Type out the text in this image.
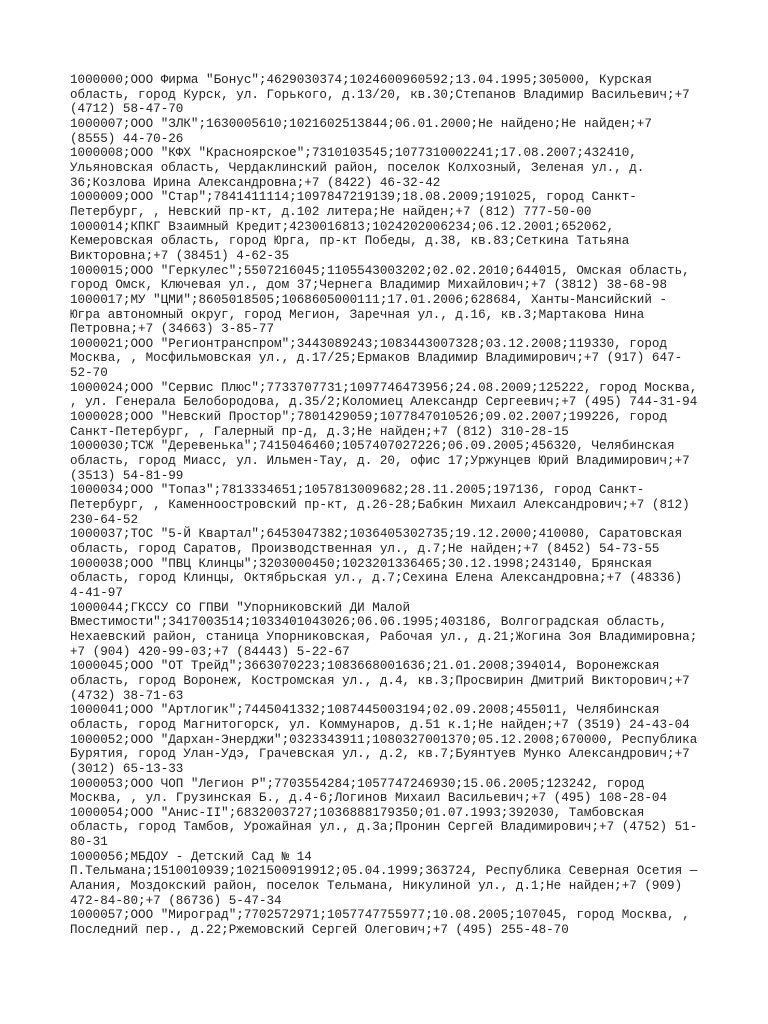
1000000;ООО Фирма "Бонус";4629030374;1024600960592;13.04.1995;305000, Курская
область, город Курск, ул. Горького, д.13/20, кв.30;Степанов Владимир Васильевич;+7
(4712) 58-47-70
1000007;ООО "ЗЛК";1630005610;1021602513844;06.01.2000;Не найдено;Не найден;+7
(8555) 44-70-26
1000008;ООО "КФХ "Красноярское";7310103545;1077310002241;17.08.2007;432410,
Ульяновская область, Чердаклинский район, поселок Колхозный, Зеленая ул., д.
36;Козлова Ирина Александровна;+7 (8422) 46-32-42
1000009;ООО "Стар";7841411114;1097847219139;18.08.2009;191025, город Санкт-
Петербург, , Невский пр-кт, д.102 литера;Не найден;+7 (812) 777-50-00
1000014;КПКГ Взаимный Кредит;4230016813;1024202006234;06.12.2001;652062,
Кемеровская область, город Юрга, пр-кт Победы, д.38, кв.83;Сеткина Татьяна
Викторовна;+7 (38451) 4-62-35
1000015;ООО "Геркулес";5507216045;1105543003202;02.02.2010;644015, Омская область,
город Омск, Ключевая ул., дом 37;Чернега Владимир Михайлович;+7 (3812) 38-68-98
1000017;МУ "ЦМИ";8605018505;1068605000111;17.01.2006;628684, Ханты-Мансийский -
Югра автономный округ, город Мегион, Заречная ул., д.16, кв.3;Мартакова Нина
Петровна;+7 (34663) 3-85-77
1000021;ООО "Регионтранспром";3443089243;1083443007328;03.12.2008;119330, город
Москва, , Мосфильмовская ул., д.17/25;Ермаков Владимир Владимирович;+7 (917) 647-
52-70
1000024;ООО "Сервис Плюс";7733707731;1097746473956;24.08.2009;125222, город Москва,
, ул. Генерала Белобородова, д.35/2;Коломиец Александр Сергеевич;+7 (495) 744-31-94
1000028;ООО "Невский Простор";7801429059;1077847010526;09.02.2007;199226, город
Санкт-Петербург, , Галерный пр-д, д.3;Не найден;+7 (812) 310-28-15
1000030;ТСЖ "Деревенька";7415046460;1057407027226;06.09.2005;456320, Челябинская
область, город Миасс, ул. Ильмен-Тау, д. 20, офис 17;Уржунцев Юрий Владимирович;+7
(3513) 54-81-99
1000034;ООО "Топаз";7813334651;1057813009682;28.11.2005;197136, город Санкт-
Петербург, , Каменноостровский пр-кт, д.26-28;Бабкин Михаил Александрович;+7 (812)
230-64-52
1000037;ТОС "5-Й Квартал";6453047382;1036405302735;19.12.2000;410080, Саратовская
область, город Саратов, Производственная ул., д.7;Не найден;+7 (8452) 54-73-55
1000038;ООО "ПВЦ Клинцы";3203000450;1023201336465;30.12.1998;243140, Брянская
область, город Клинцы, Октябрьская ул., д.7;Сехина Елена Александровна;+7 (48336)
4-41-97
1000044;ГКССУ СО ГПВИ "Упорниковский ДИ Малой
Вместимости";3417003514;1033401043026;06.06.1995;403186, Волгоградская область,
Нехаевский район, станица Упорниковская, Рабочая ул., д.21;Жогина Зоя Владимировна;
+7 (904) 420-99-03;+7 (84443) 5-22-67
1000045;ООО "ОТ Трейд";3663070223;1083668001636;21.01.2008;394014, Воронежская
область, город Воронеж, Костромская ул., д.4, кв.3;Просвирин Дмитрий Викторович;+7
(4732) 38-71-63
1000041;ООО "Артлогик";7445041332;1087445003194;02.09.2008;455011, Челябинская
область, город Магнитогорск, ул. Коммунаров, д.51 к.1;Не найден;+7 (3519) 24-43-04
1000052;ООО "Дархан-Энерджи";0323343911;1080327001370;05.12.2008;670000, Республика
Бурятия, город Улан-Удэ, Грачевская ул., д.2, кв.7;Буянтуев Мунко Александрович;+7
(3012) 65-13-33
1000053;ООО ЧОП "Легион Р";7703554284;1057747246930;15.06.2005;123242, город
Москва, , ул. Грузинская Б., д.4-6;Логинов Михаил Васильевич;+7 (495) 108-28-04
1000054;ООО "Анис-II";6832003727;1036888179350;01.07.1993;392030, Тамбовская
область, город Тамбов, Урожайная ул., д.3а;Пронин Сергей Владимирович;+7 (4752) 51-
80-31
1000056;МБДОУ - Детский Сад № 14
П.Тельмана;1510010939;1021500919912;05.04.1999;363724, Республика Северная Осетия —
Алания, Моздокский район, поселок Тельмана, Никулиной ул., д.1;Не найден;+7 (909)
472-84-80;+7 (86736) 5-47-34
1000057;ООО "Мироград";7702572971;1057747755977;10.08.2005;107045, город Москва, ,
Последний пер., д.22;Ржемовский Сергей Олегович;+7 (495) 255-48-70
